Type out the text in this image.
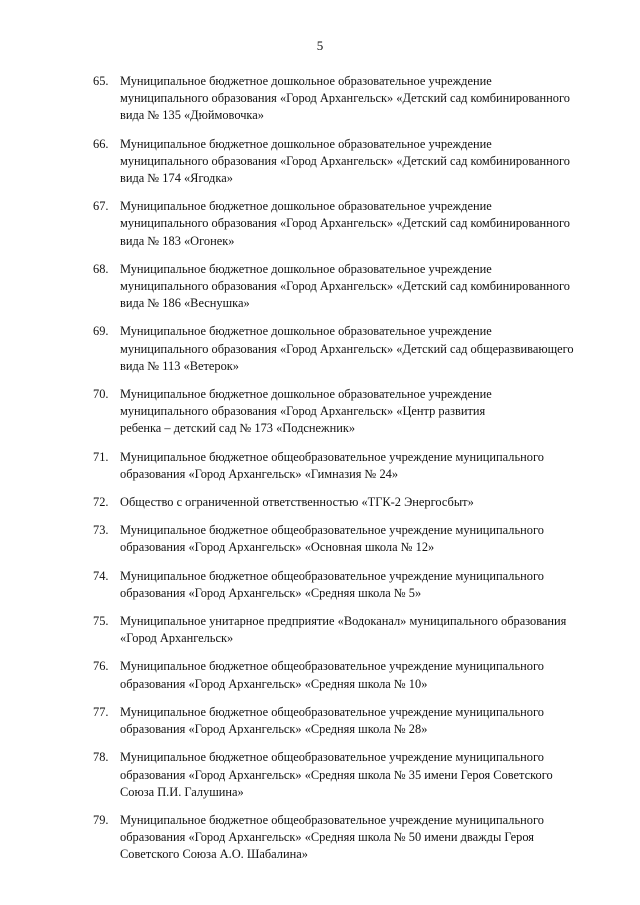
5
65. Муниципальное бюджетное дошкольное образовательное учреждение
муниципального образования «Город Архангельск» «Детский сад комбинированного
вида № 135 «Дюймовочка»
66. Муниципальное бюджетное дошкольное образовательное учреждение
муниципального образования «Город Архангельск» «Детский сад комбинированного
вида № 174 «Ягодка»
67. Муниципальное бюджетное дошкольное образовательное учреждение
муниципального образования «Город Архангельск» «Детский сад комбинированного
вида № 183 «Огонек»
68. Муниципальное бюджетное дошкольное образовательное учреждение
муниципального образования «Город Архангельск» «Детский сад комбинированного
вида № 186 «Веснушка»
69. Муниципальное бюджетное дошкольное образовательное учреждение
муниципального образования «Город Архангельск» «Детский сад общеразвивающего
вида № 113 «Ветерок»
70. Муниципальное бюджетное дошкольное образовательное учреждение
муниципального образования «Город Архангельск» «Центр развития
ребенка – детский сад № 173 «Подснежник»
71. Муниципальное бюджетное общеобразовательное учреждение муниципального
образования «Город Архангельск» «Гимназия № 24»
72. Общество с ограниченной ответственностью «ТГК-2 Энергосбыт»
73. Муниципальное бюджетное общеобразовательное учреждение муниципального
образования «Город Архангельск» «Основная школа № 12»
74. Муниципальное бюджетное общеобразовательное учреждение муниципального
образования «Город Архангельск» «Средняя школа № 5»
75. Муниципальное унитарное предприятие «Водоканал» муниципального образования
«Город Архангельск»
76. Муниципальное бюджетное общеобразовательное учреждение муниципального
образования «Город Архангельск» «Средняя школа № 10»
77. Муниципальное бюджетное общеобразовательное учреждение муниципального
образования «Город Архангельск» «Средняя школа № 28»
78. Муниципальное бюджетное общеобразовательное учреждение муниципального
образования «Город Архангельск» «Средняя школа № 35 имени Героя Советского
Союза П.И. Галушина»
79. Муниципальное бюджетное общеобразовательное учреждение муниципального
образования «Город Архангельск» «Средняя школа № 50 имени дважды Героя
Советского Союза А.О. Шабалина»
